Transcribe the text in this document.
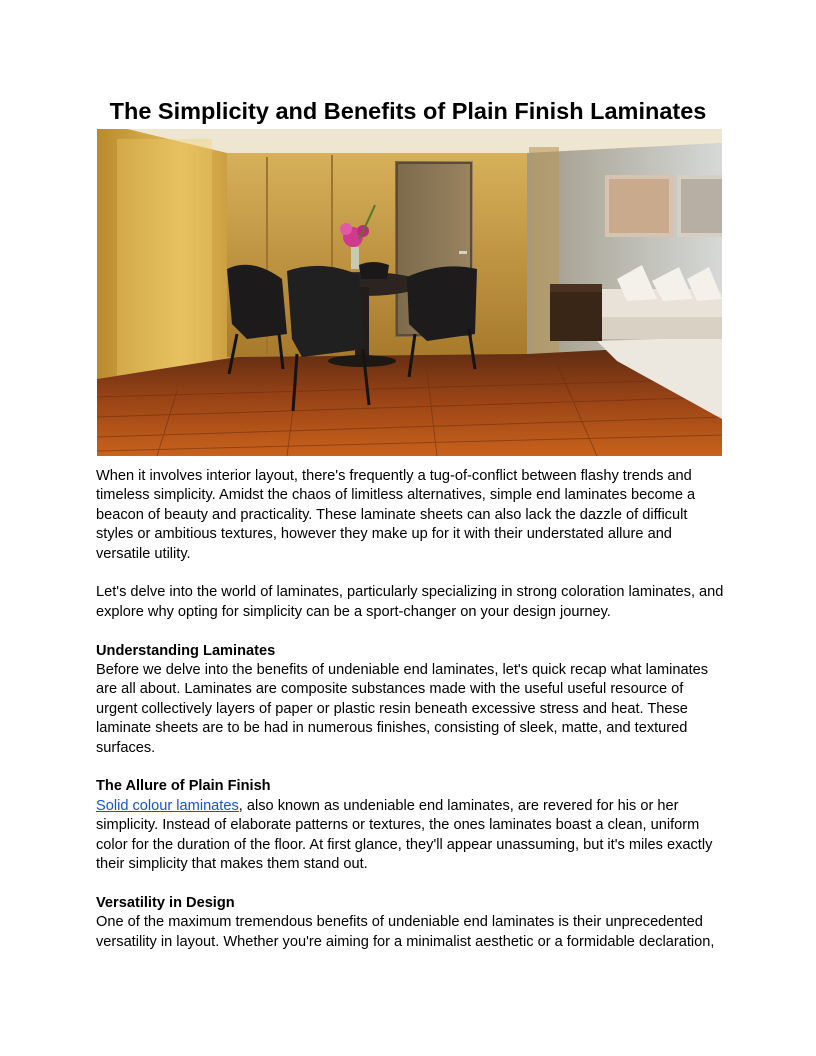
The Simplicity and Benefits of Plain Finish Laminates

When it involves interior layout, there's frequently a tug-of-conflict between flashy trends and timeless simplicity. Amidst the chaos of limitless alternatives, simple end laminates become a beacon of beauty and practicality. These laminate sheets can also lack the dazzle of difficult styles or ambitious textures, however they make up for it with their understated allure and versatile utility.

Let's delve into the world of laminates, particularly specializing in strong coloration laminates, and explore why opting for simplicity can be a sport-changer on your design journey.

Understanding Laminates

Before we delve into the benefits of undeniable end laminates, let's quick recap what laminates are all about. Laminates are composite substances made with the useful useful resource of urgent collectively layers of paper or plastic resin beneath excessive stress and heat. These laminate sheets are to be had in numerous finishes, consisting of sleek, matte, and textured surfaces.

The Allure of Plain Finish

Solid colour laminates, also known as undeniable end laminates, are revered for his or her simplicity. Instead of elaborate patterns or textures, the ones laminates boast a clean, uniform color for the duration of the floor. At first glance, they'll appear unassuming, but it's miles exactly their simplicity that makes them stand out.

Versatility in Design

One of the maximum tremendous benefits of undeniable end laminates is their unprecedented versatility in layout. Whether you're aiming for a minimalist aesthetic or a formidable declaration,
